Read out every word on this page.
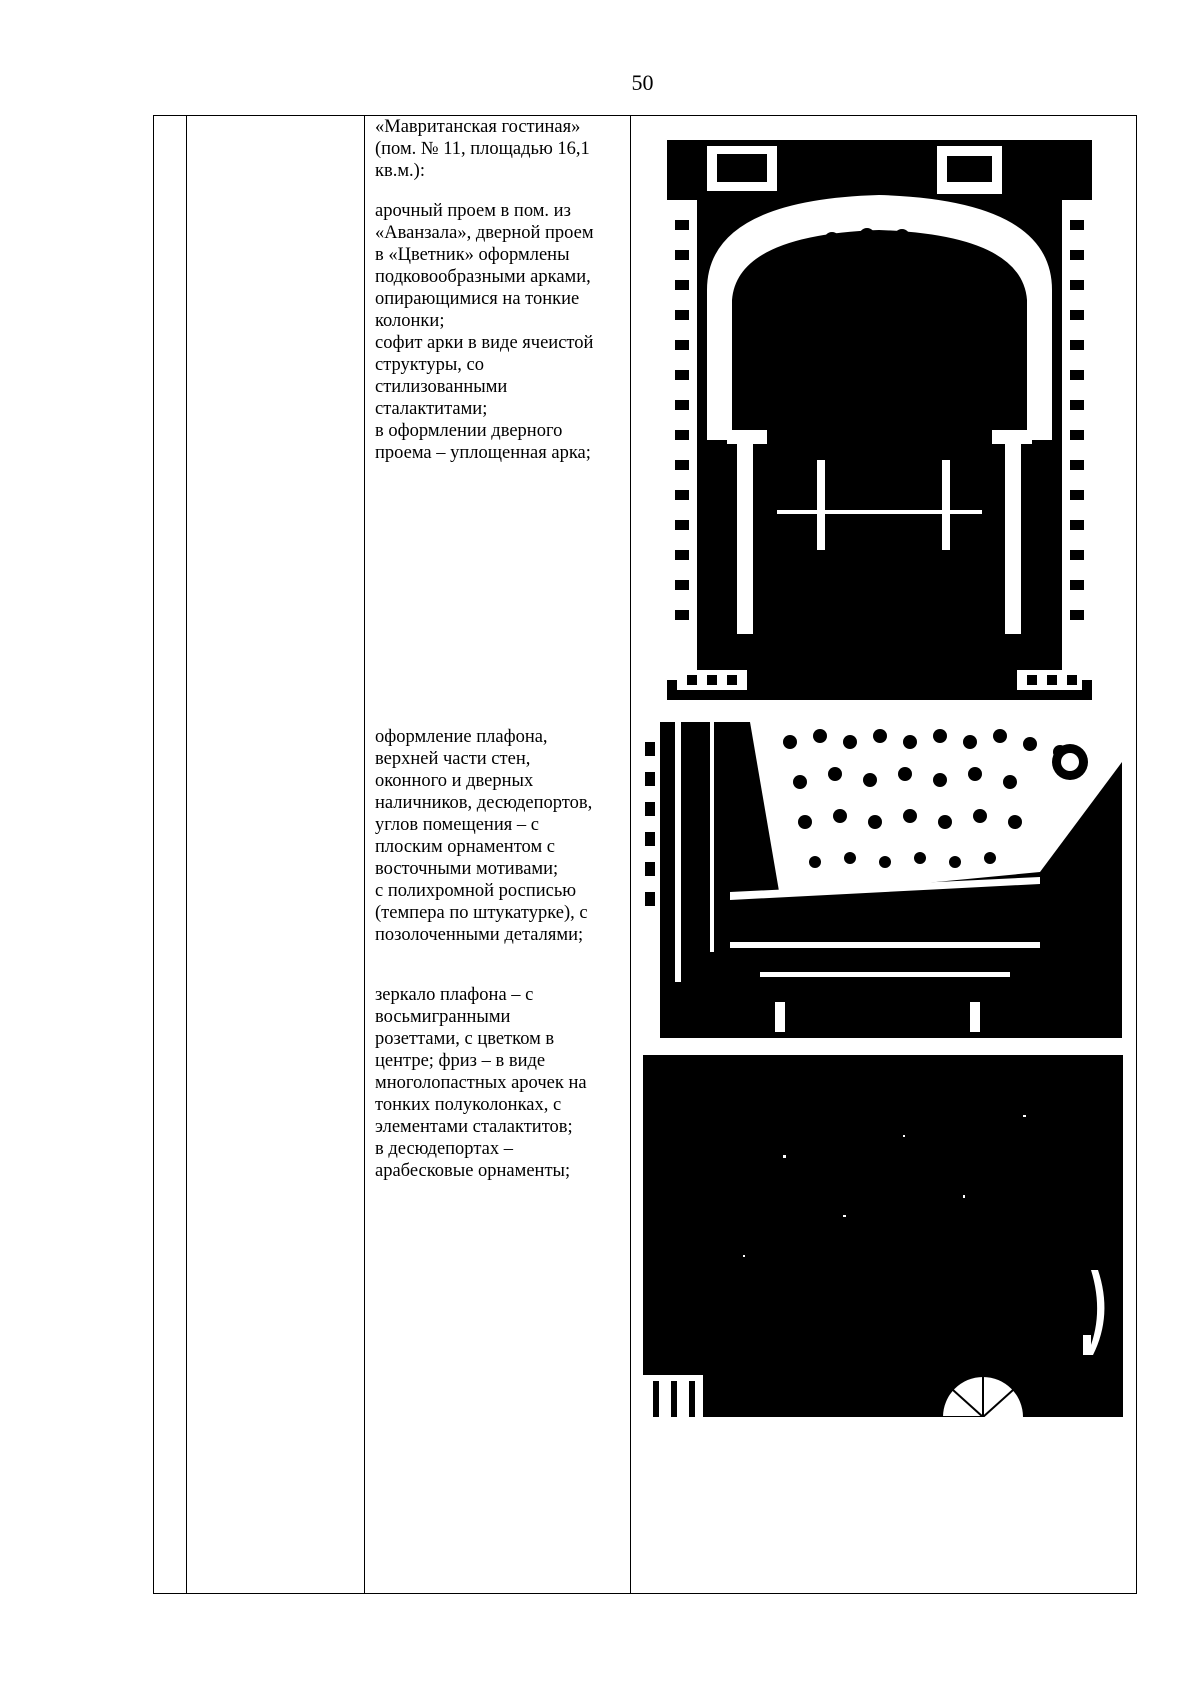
50

«Мавританская гостиная»
(пом. № 11, площадью 16,1
кв.м.):

арочный проем в пом. из
«Аванзала», дверной проем
в «Цветник» оформлены
подковообразными арками,
опирающимися на тонкие
колонки;
софит арки в виде ячеистой
структуры, со
стилизованными
сталактитами;
в оформлении дверного
проема – уплощенная арка;

оформление плафона,
верхней части стен,
оконного и дверных
наличников, десюдепортов,
углов помещения – с
плоским орнаментом с
восточными мотивами;
с полихромной росписью
(темпера по штукатурке), с
позолоченными деталями;

зеркало плафона – с
восьмигранными
розеттами, с цветком в
центре; фриз – в виде
многолопастных арочек на
тонких полуколонках, с
элементами сталактитов;
в десюдепортах –
арабесковые орнаменты;
